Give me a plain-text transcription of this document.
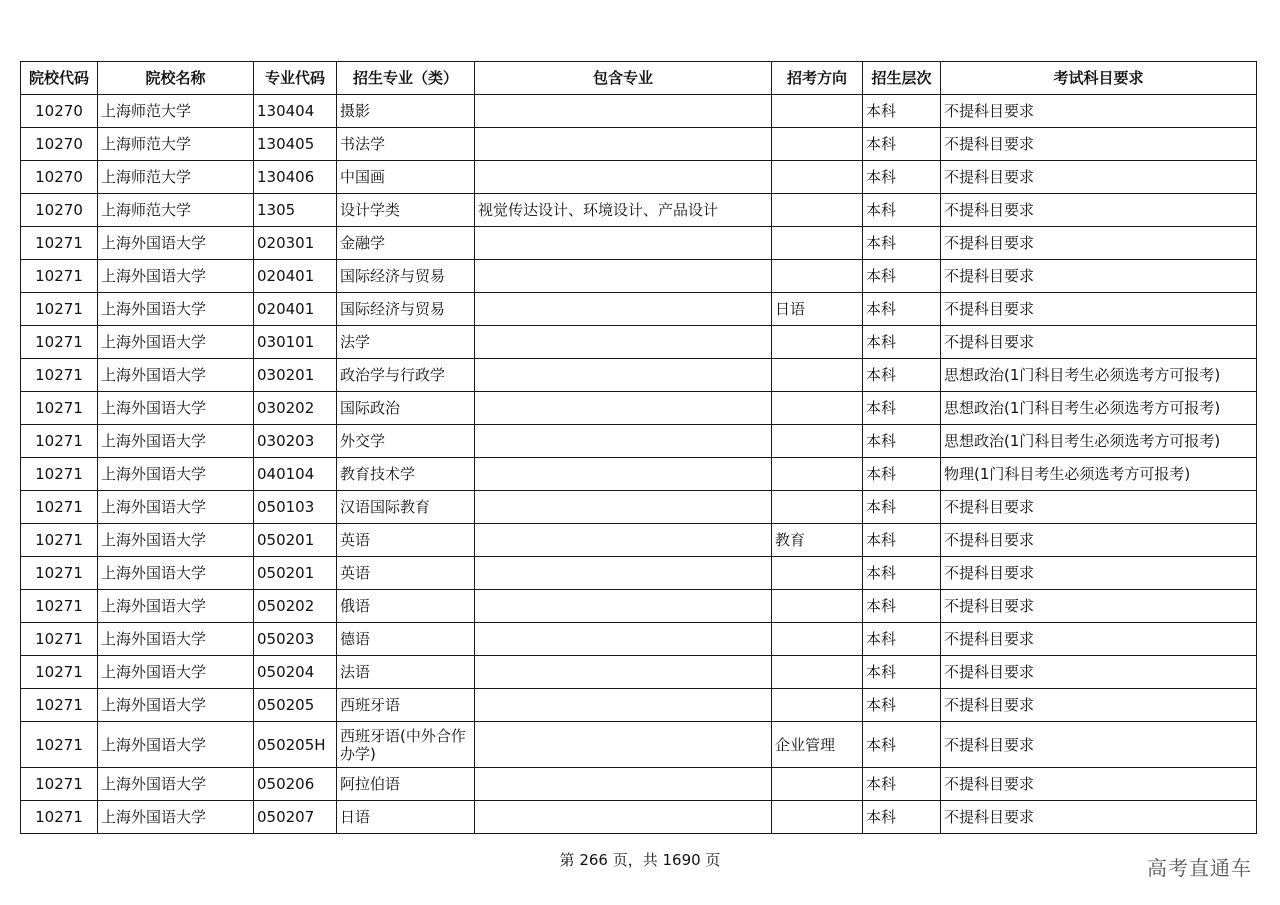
院校代码	院校名称	专业代码	招生专业（类）	包含专业	招考方向	招生层次	考试科目要求
10270	上海师范大学	130404	摄影			本科	不提科目要求
10270	上海师范大学	130405	书法学			本科	不提科目要求
10270	上海师范大学	130406	中国画			本科	不提科目要求
10270	上海师范大学	1305	设计学类	视觉传达设计、环境设计、产品设计		本科	不提科目要求
10271	上海外国语大学	020301	金融学			本科	不提科目要求
10271	上海外国语大学	020401	国际经济与贸易			本科	不提科目要求
10271	上海外国语大学	020401	国际经济与贸易		日语	本科	不提科目要求
10271	上海外国语大学	030101	法学			本科	不提科目要求
10271	上海外国语大学	030201	政治学与行政学			本科	思想政治(1门科目考生必须选考方可报考)
10271	上海外国语大学	030202	国际政治			本科	思想政治(1门科目考生必须选考方可报考)
10271	上海外国语大学	030203	外交学			本科	思想政治(1门科目考生必须选考方可报考)
10271	上海外国语大学	040104	教育技术学			本科	物理(1门科目考生必须选考方可报考)
10271	上海外国语大学	050103	汉语国际教育			本科	不提科目要求
10271	上海外国语大学	050201	英语		教育	本科	不提科目要求
10271	上海外国语大学	050201	英语			本科	不提科目要求
10271	上海外国语大学	050202	俄语			本科	不提科目要求
10271	上海外国语大学	050203	德语			本科	不提科目要求
10271	上海外国语大学	050204	法语			本科	不提科目要求
10271	上海外国语大学	050205	西班牙语			本科	不提科目要求
10271	上海外国语大学	050205H	西班牙语(中外合作办学)		企业管理	本科	不提科目要求
10271	上海外国语大学	050206	阿拉伯语			本科	不提科目要求
10271	上海外国语大学	050207	日语			本科	不提科目要求
第 266 页，共 1690 页	高考直通车
